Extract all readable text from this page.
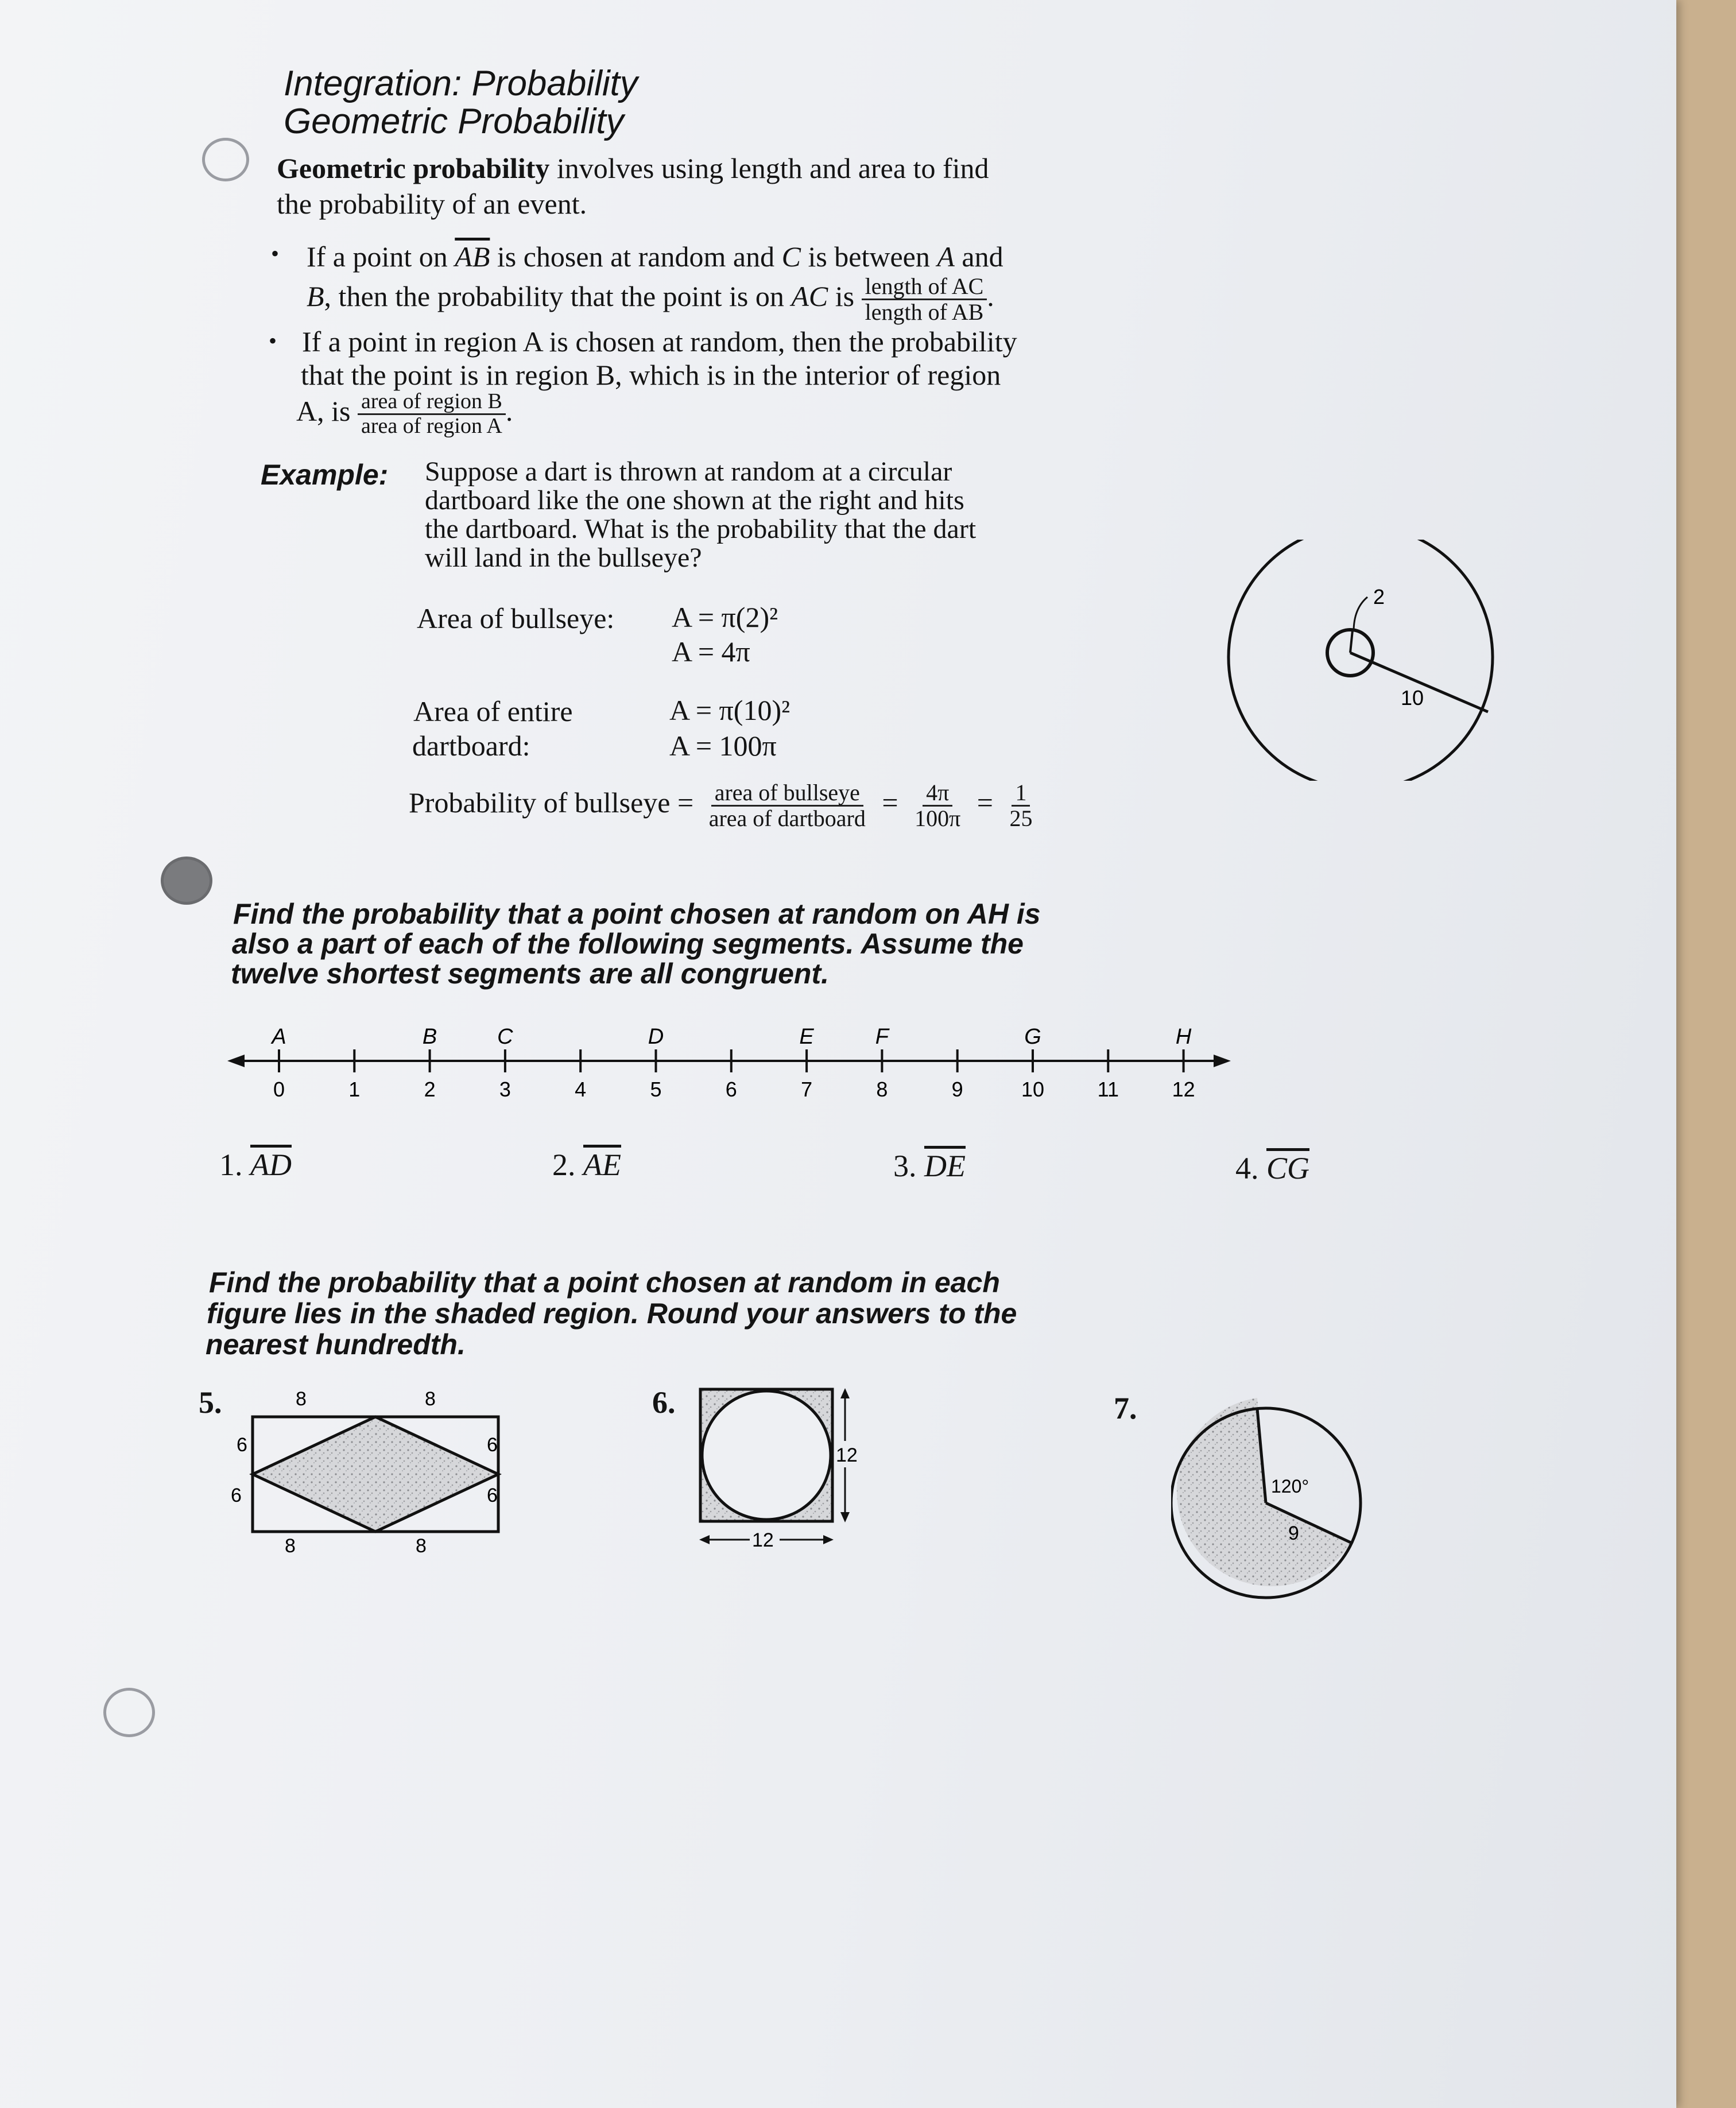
Integration: Probability
Geometric Probability
Geometric probability involves using length and area to find
the probability of an event.
• If a point on $\overline{AB}$ is chosen at random and C is between A and
B, then the probability that the point is on AC is $\frac{\text{length of AC}}{\text{length of AB}}$ .
• If a point in region A is chosen at random, then the probability
that the point is in region B, which is in the interior of region
A, is $\frac{\text{area of region B}}{\text{area of region A}}$ .
Example: Suppose a dart is thrown at random at a circular
dartboard like the one shown at the right and hits
the dartboard. What is the probability that the dart
will land in the bullseye?
Area of bullseye: A = π(2)²
A = 4π
Area of entire
dartboard:
A = π(10)²
A = 100π
Probability of bullseye = $\frac{\text{area of bullseye}}{\text{area of dartboard}} = \frac{4\pi}{100\pi} = \frac{1}{25}$
2
10
Find the probability that a point chosen at random on AH is
also a part of each of the following segments. Assume the
twelve shortest segments are all congruent.
0	1	2	3	4	5	6	7	8	9	10	11	12
A	B	C	D	E	F	G	H
1. $\overline{AD}$	2. $\overline{AE}$	3. $\overline{DE}$	4. $\overline{CG}$
Find the probability that a point chosen at random in each
figure lies in the shaded region. Round your answers to the
nearest hundredth.
5.	8	8
8	8
6
6
6
6
6.
12
12
7.
120°
9
